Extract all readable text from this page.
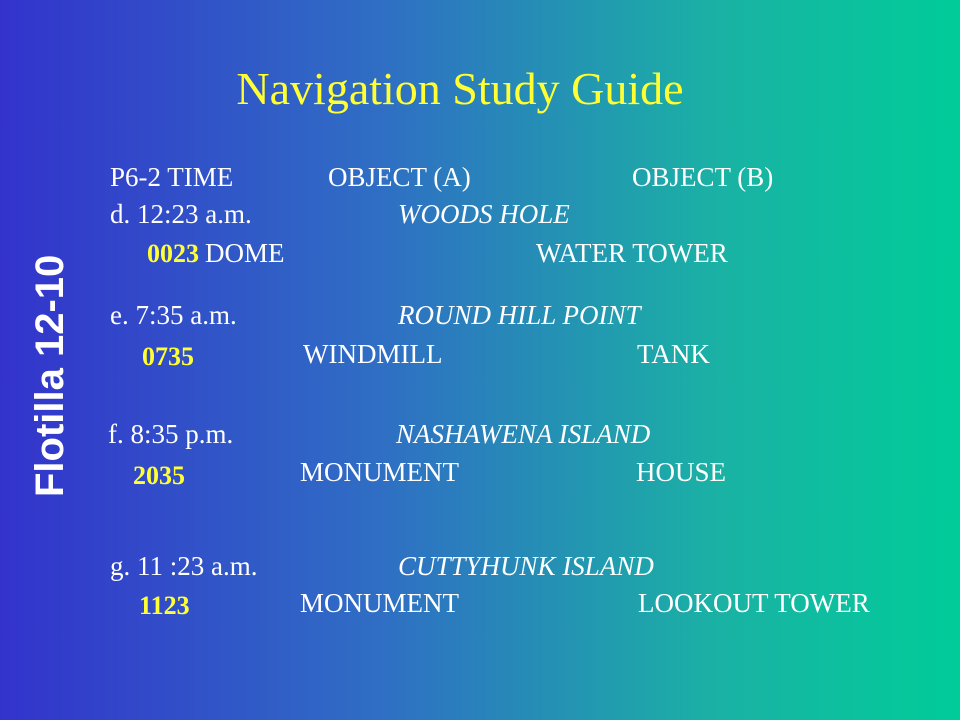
Navigation Study Guide
Flotilla 12-10
P6-2 TIME	OBJECT (A)	OBJECT (B)
d. 12:23 a.m.	WOODS HOLE
0023 DOME	WATER TOWER
e. 7:35 a.m.	ROUND HILL POINT
0735	WINDMILL	TANK
f. 8:35 p.m.	NASHAWENA ISLAND
2035	MONUMENT	HOUSE
g. 11 :23 a.m.	CUTTYHUNK ISLAND
1123	MONUMENT	LOOKOUT TOWER
